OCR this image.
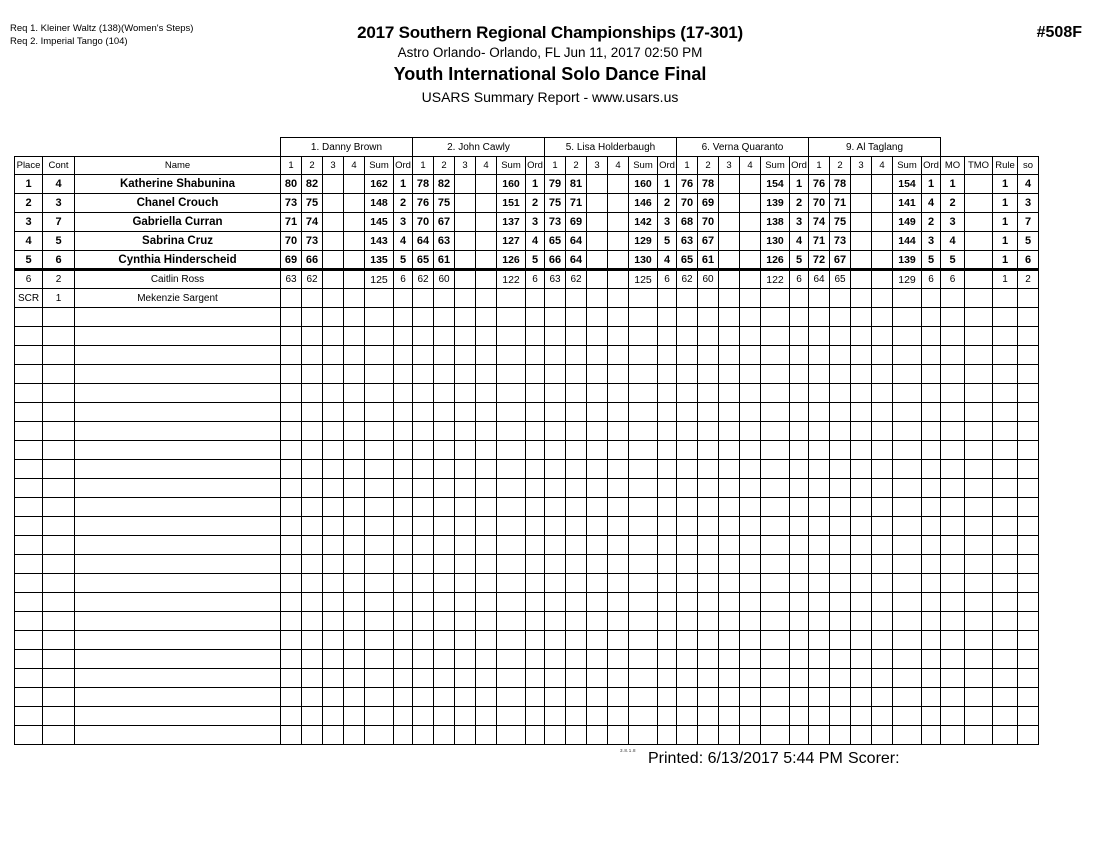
Req 1. Kleiner Waltz (138)(Women's Steps)
Req 2. Imperial Tango (104)	2017 Southern Regional Championships (17-301)
Astro Orlando- Orlando, FL Jun 11, 2017 02:50 PM
Youth International Solo Dance Final
USARS Summary Report - www.usars.us
#508F
			1. Danny Brown						2. John Cawly						5. Lisa Holderbaugh						6. Verna Quaranto						9. Al Taglang									
Place	Cont	Name	1	2	3	4	Sum	Ord	1	2	3	4	Sum	Ord	1	2	3	4	Sum	Ord	1	2	3	4	Sum	Ord	1	2	3	4	Sum	Ord	MO	TMO	Rule	so
1	4	Katherine Shabunina	80	82			162	1	78	82			160	1	79	81			160	1	76	78			154	1	76	78			154	1	1		1	4
2	3	Chanel Crouch	73	75			148	2	76	75			151	2	75	71			146	2	70	69			139	2	70	71			141	4	2		1	3
3	7	Gabriella Curran	71	74			145	3	70	67			137	3	73	69			142	3	68	70			138	3	74	75			149	2	3		1	7
4	5	Sabrina Cruz	70	73			143	4	64	63			127	4	65	64			129	5	63	67			130	4	71	73			144	3	4		1	5
5	6	Cynthia Hinderscheid	69	66			135	5	65	61			126	5	66	64			130	4	65	61			126	5	72	67			139	5	5		1	6
6	2	Caitlin Ross	63	62			125	6	62	60			122	6	63	62			125	6	62	60			122	6	64	65			129	6	6		1	2
SCR	1	Mekenzie Sargent																																		

3.8.1.8 Printed: 6/13/2017 5:44 PM Scorer:
